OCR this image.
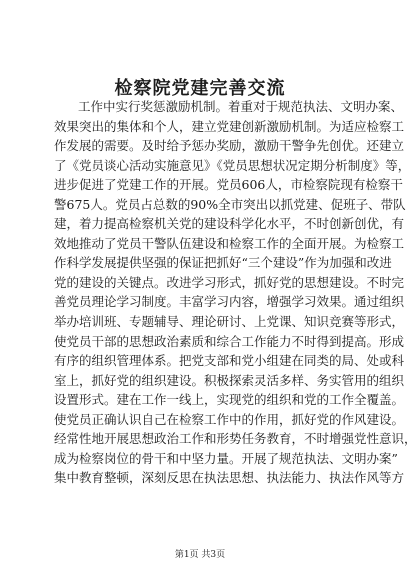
检察院党建完善交流
工作中实行奖惩激励机制。着重对于规范执法、文明办案、
效果突出的集体和个人，建立党建创新激励机制。为适应检察工
作发展的需要。及时给予惩办奖励，激励干警争先创优。还建立
了《党员谈心活动实施意见》《党员思想状况定期分析制度》等，
进步促进了党建工作的开展。党员606人，市检察院现有检察干
警675人。党员占总数的90%全市突出以抓党建、促班子、带队
建，着力提高检察机关党的建设科学化水平，不时创新创优，有
效地推动了党员干警队伍建设和检察工作的全面开展。为检察工
作科学发展提供坚强的保证把抓好“三个建设”作为加强和改进
党的建设的关键点。改进学习形式，抓好党的思想建设。不时完
善党员理论学习制度。丰富学习内容，增强学习效果。通过组织
举办培训班、专题辅导、理论研讨、上党课、知识竞赛等形式，
使党员干部的思想政治素质和综合工作能力不时得到提高。形成
有序的组织管理体系。把党支部和党小组建在同类的局、处或科
室上，抓好党的组织建设。积极探索灵活多样、务实管用的组织
设置形式。建在工作一线上，实现党的组织和党的工作全覆盖。
使党员正确认识自己在检察工作中的作用，抓好党的作风建设。
经常性地开展思想政治工作和形势任务教育，不时增强党性意识，
成为检察岗位的骨干和中坚力量。开展了规范执法、文明办案”
集中教育整顿，深刻反思在执法思想、执法能力、执法作风等方
第1页 共3页
